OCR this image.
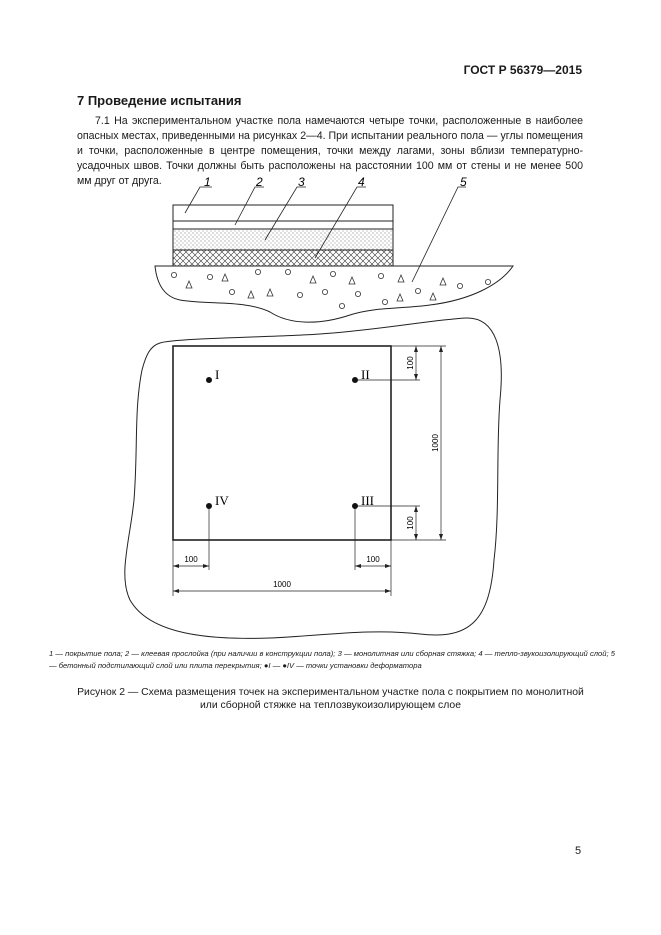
ГОСТ Р 56379—2015
7 Проведение испытания
7.1 На экспериментальном участке пола намечаются четыре точки, расположенные в наиболее опасных местах, приведенными на рисунках 2—4. При испытании реального пола — углы помещения и точки, расположенные в центре помещения, точки между лагами, зоны вблизи температурно-усадочных швов. Точки должны быть расположены на расстоянии 100 мм от стены и не менее 500 мм друг от друга.	1	2	3	4	5
I	II
III
IV
100
1000
100
100	100
1000
1 — покрытие пола; 2 — клеевая прослойка (при наличии в конструкции пола); 3 — монолитная или сборная стяжка; 4 — тепло-звукоизолирующий слой; 5 — бетонный подстилающий слой или плита перекрытия; ●I — ●IV — точки установки деформатора
Рисунок 2 — Схема размещения точек на экспериментальном участке пола с покрытием по монолитной
или сборной стяжке на теплозвукоизолирующем слое
5
